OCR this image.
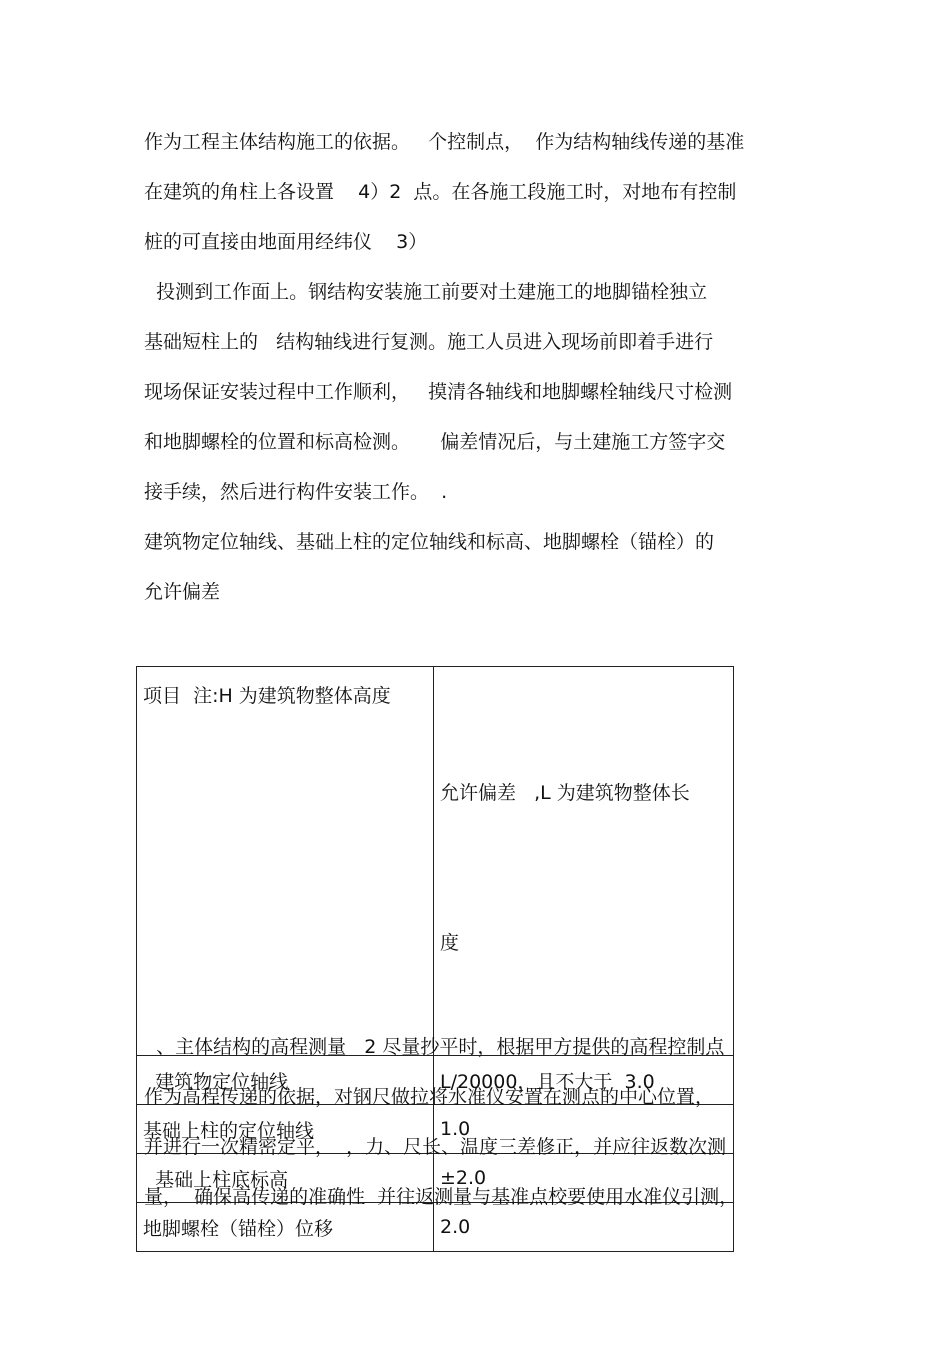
作为工程主体结构施工的依据。   个控制点，  作为结构轴线传递的基准
在建筑的角柱上各设置    4）2  点。在各施工段施工时，对地布有控制
桩的可直接由地面用经纬仪    3）
投测到工作面上。钢结构安装施工前要对土建施工的地脚锚栓独立
基础短柱上的   结构轴线进行复测。施工人员进入现场前即着手进行
现场保证安装过程中工作顺利，   摸清各轴线和地脚螺栓轴线尺寸检测
和地脚螺栓的位置和标高检测。     偏差情况后，与土建施工方签字交
接手续，然后进行构件安装工作。  .
建筑物定位轴线、基础上柱的定位轴线和标高、地脚螺栓（锚栓）的
允许偏差
项目  注:H 为建筑物整体高度	允许偏差   ,L 为建筑物整体长

度

建筑物定位轴线	L/20000，且不大于  3.0
基础上柱的定位轴线	1.0
基础上柱底标高	±2.0
地脚螺栓（锚栓）位移	2.0
、主体结构的高程测量   2 尽量抄平时，根据甲方提供的高程控制点
作为高程传递的依据，对钢尺做拉将水准仪安置在测点的中心位置，
并进行一次精密定平，  ，力、尺长、温度三差修正，并应往返数次测
量，  确保高传递的准确性  并往返测量与基准点校要使用水准仪引测，
